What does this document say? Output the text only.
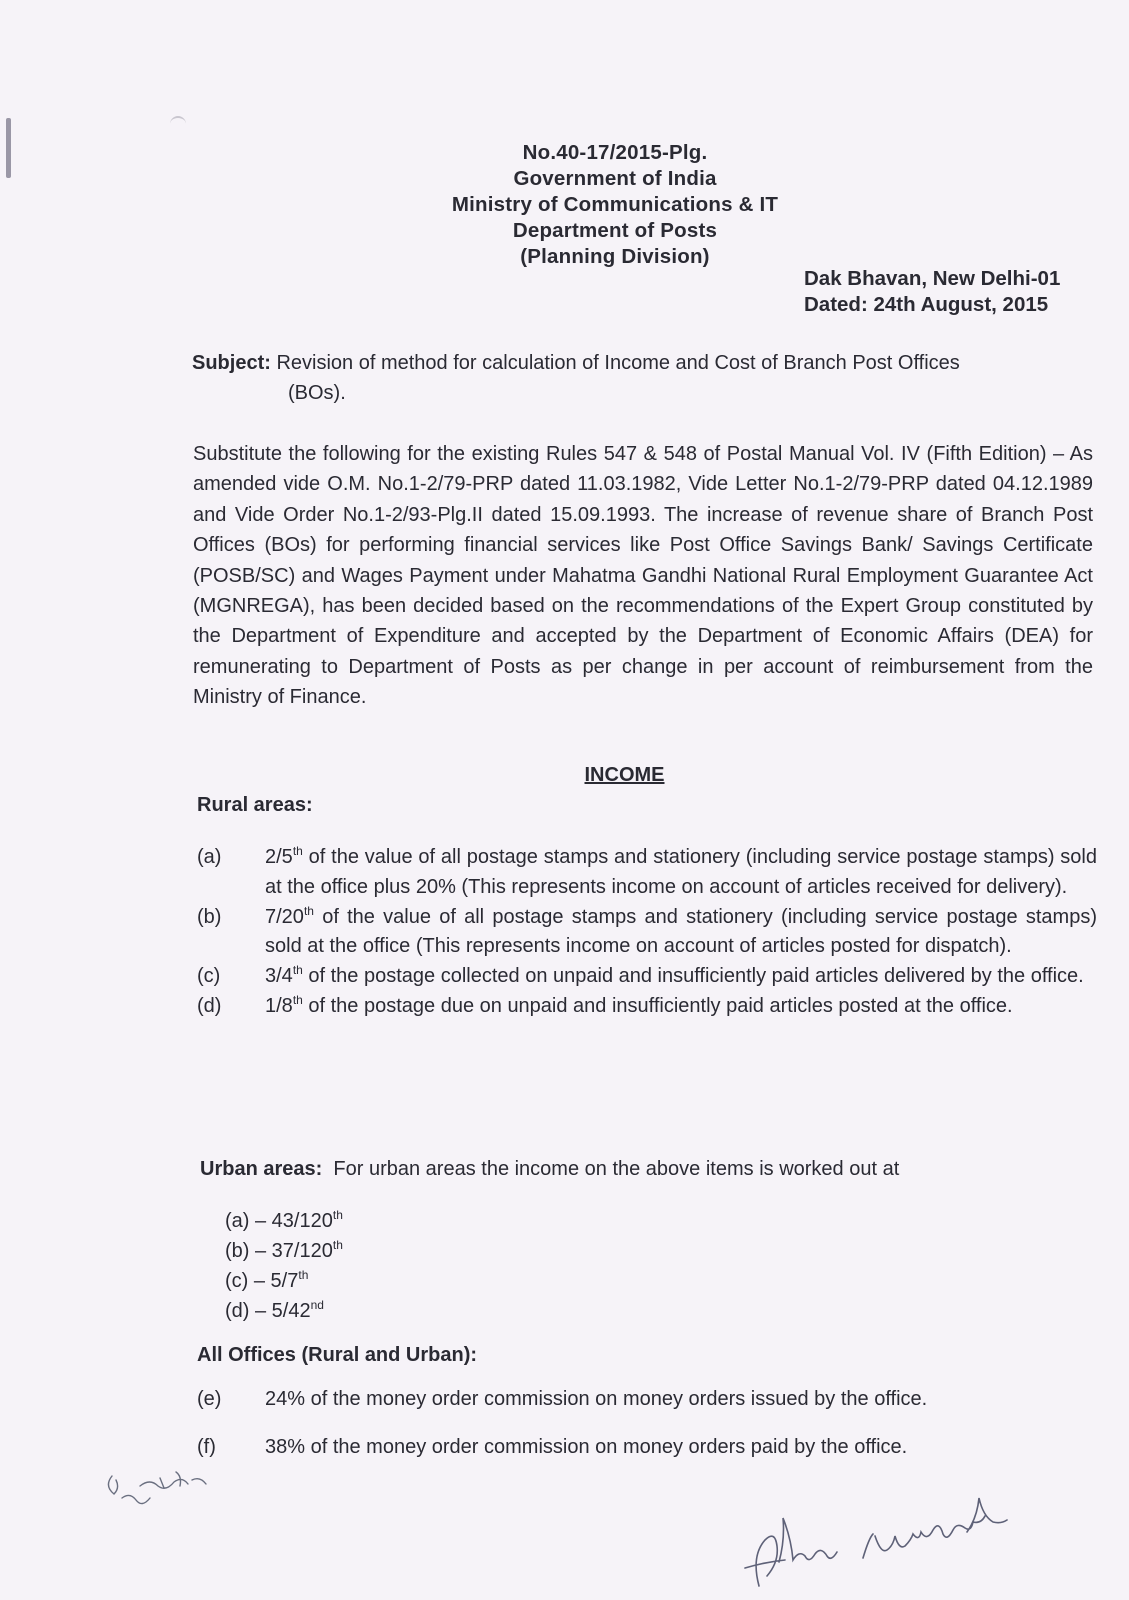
No.40-17/2015-Plg.
Government of India
Ministry of Communications & IT
Department of Posts
(Planning Division)
Dak Bhavan, New Delhi-01
Dated: 24th August, 2015
Subject: Revision of method for calculation of Income and Cost of Branch Post Offices
(BOs).
Substitute the following for the existing Rules 547 & 548 of Postal Manual Vol. IV (Fifth Edition) – As amended vide O.M. No.1-2/79-PRP dated 11.03.1982, Vide Letter No.1-2/79-PRP dated 04.12.1989 and Vide Order No.1-2/93-Plg.II dated 15.09.1993. The increase of revenue share of Branch Post Offices (BOs) for performing financial services like Post Office Savings Bank/ Savings Certificate (POSB/SC) and Wages Payment under Mahatma Gandhi National Rural Employment Guarantee Act (MGNREGA), has been decided based on the recommendations of the Expert Group constituted by the Department of Expenditure and accepted by the Department of Economic Affairs (DEA) for remunerating to Department of Posts as per change in per account of reimbursement from the Ministry of Finance.
INCOME
Rural areas:
(a)	2/5th of the value of all postage stamps and stationery (including service postage stamps) sold at the office plus 20% (This represents income on account of articles received for delivery).
(b)	7/20th of the value of all postage stamps and stationery (including service postage stamps) sold at the office (This represents income on account of articles posted for dispatch).
(c)	3/4th of the postage collected on unpaid and insufficiently paid articles delivered by the office.
(d)	1/8th of the postage due on unpaid and insufficiently paid articles posted at the office.
Urban areas: For urban areas the income on the above items is worked out at
(a) – 43/120th
(b) – 37/120th
(c) – 5/7th
(d) – 5/42nd
All Offices (Rural and Urban):
(e)	24% of the money order commission on money orders issued by the office.
(f)	38% of the money order commission on money orders paid by the office.
